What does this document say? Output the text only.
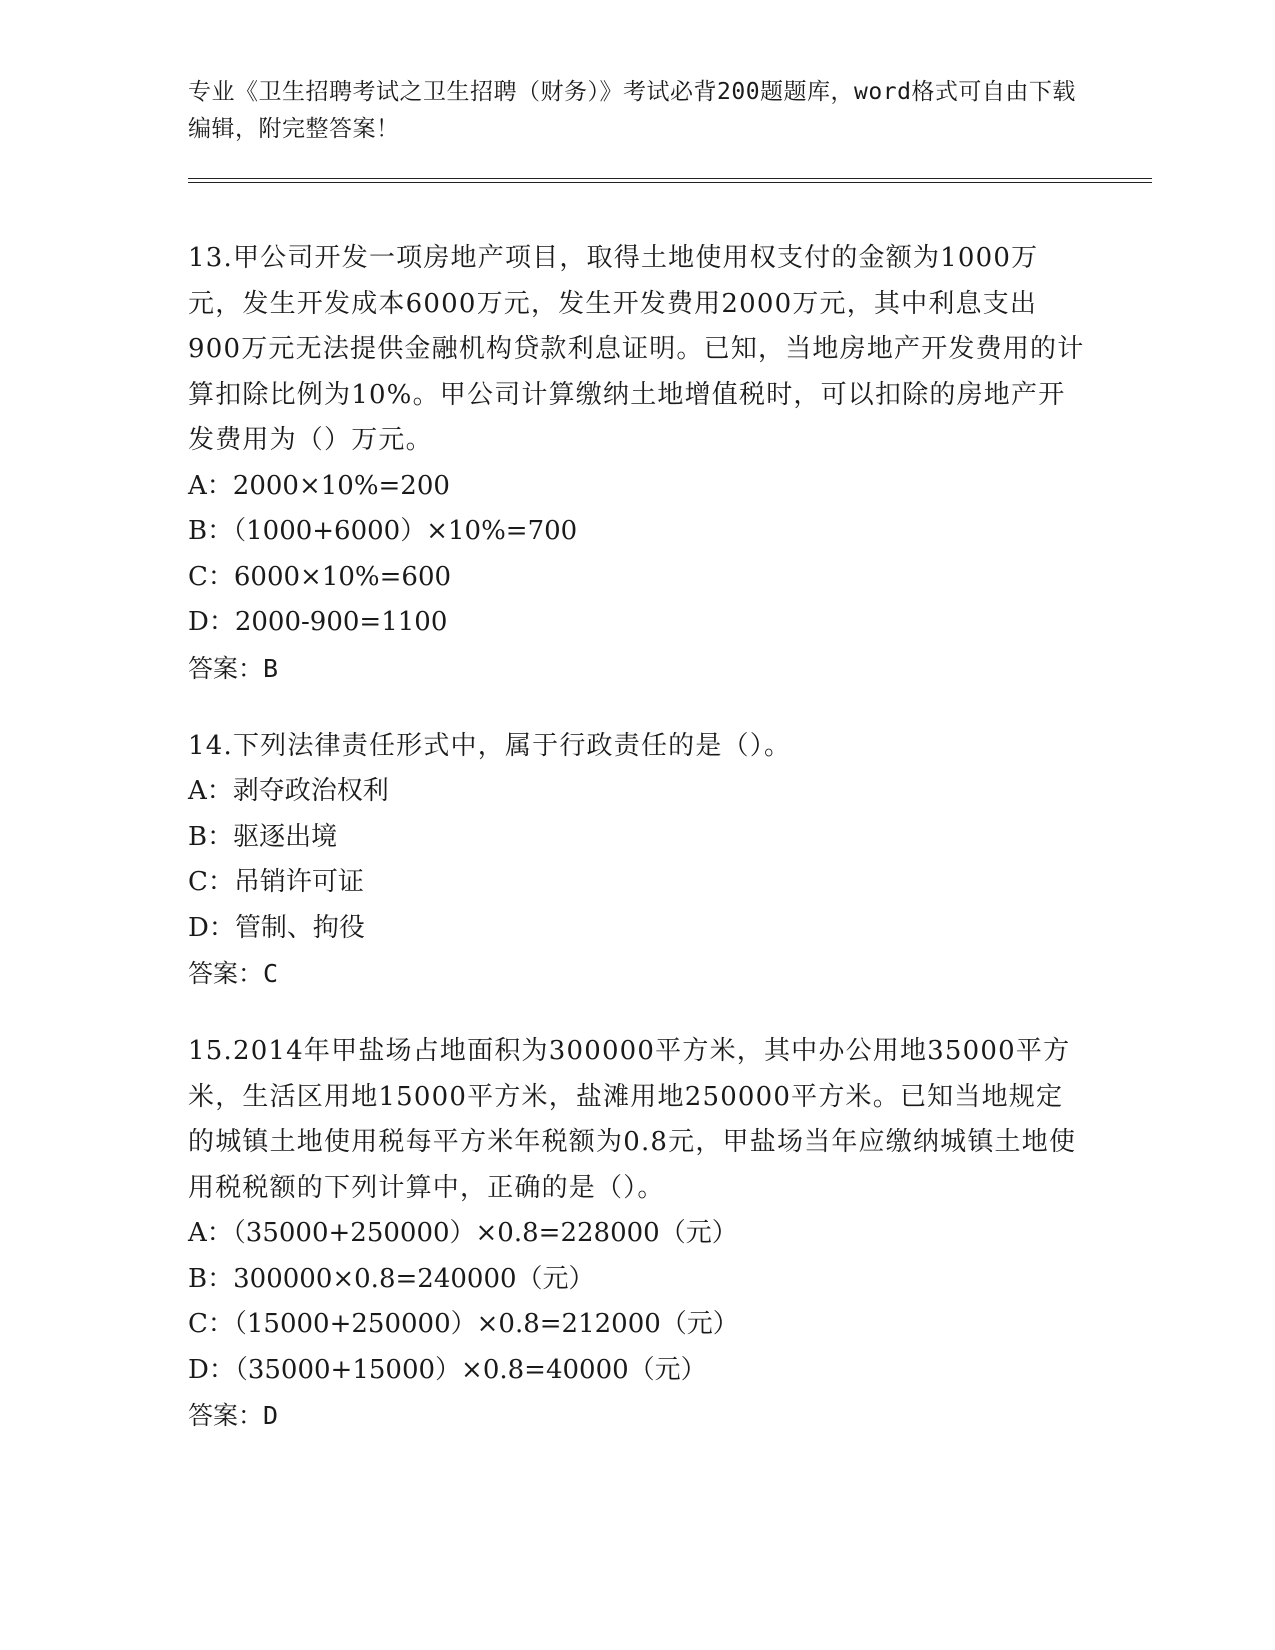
专业《卫生招聘考试之卫生招聘（财务）》考试必背200题题库，word格式可自由下载编辑，附完整答案！

13.甲公司开发一项房地产项目，取得土地使用权支付的金额为1000万元，发生开发成本6000万元，发生开发费用2000万元，其中利息支出900万元无法提供金融机构贷款利息证明。已知，当地房地产开发费用的计算扣除比例为10%。甲公司计算缴纳土地增值税时，可以扣除的房地产开发费用为（）万元。

A：2000×10%=200

B：（1000+6000）×10%=700

C：6000×10%=600

D：2000-900=1100

答案：B

14.下列法律责任形式中，属于行政责任的是（）。

A：剥夺政治权利

B：驱逐出境

C：吊销许可证

D：管制、拘役

答案：C

15.2014年甲盐场占地面积为300000平方米，其中办公用地35000平方米，生活区用地15000平方米，盐滩用地250000平方米。已知当地规定的城镇土地使用税每平方米年税额为0.8元，甲盐场当年应缴纳城镇土地使用税税额的下列计算中，正确的是（）。

A：（35000+250000）×0.8=228000（元）

B：300000×0.8=240000（元）

C：（15000+250000）×0.8=212000（元）

D：（35000+15000）×0.8=40000（元）

答案：D
